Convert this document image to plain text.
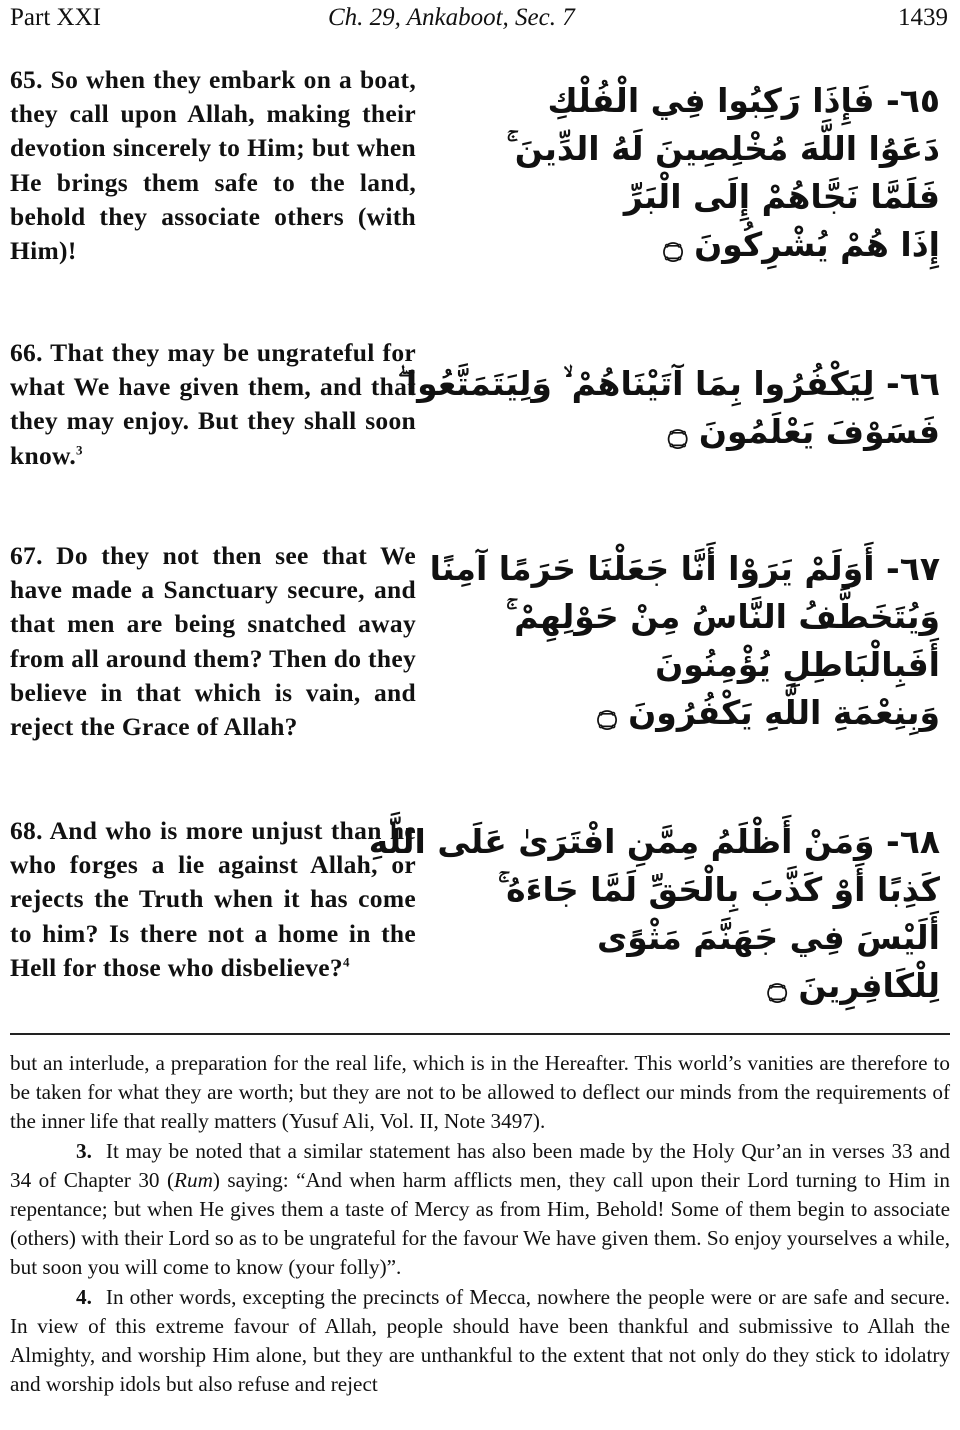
Part XXI	Ch. 29, Ankaboot, Sec. 7	1439
65. So when they embark on a boat, they call upon Allah, making their devotion sincerely to Him; but when He brings them safe to the land, behold they associate others (with Him)!
٦٥- فَإِذَا رَكِبُوا فِي الْفُلْكِ
دَعَوُا اللَّهَ مُخْلِصِينَ لَهُ الدِّينَ ۚ
فَلَمَّا نَجَّاهُمْ إِلَى الْبَرِّ
إِذَا هُمْ يُشْرِكُونَ ۝
66. That they may be ungrateful for what We have given them, and that they may enjoy. But they shall soon know.$^3$
٦٦- لِيَكْفُرُوا بِمَا آتَيْنَاهُمْ ۙ وَلِيَتَمَتَّعُوا ۖ
فَسَوْفَ يَعْلَمُونَ ۝
67. Do they not then see that We have made a Sanctuary secure, and that men are being snatched away from all around them? Then do they believe in that which is vain, and reject the Grace of Allah?
٦٧- أَوَلَمْ يَرَوْا أَنَّا جَعَلْنَا حَرَمًا آمِنًا
وَيُتَخَطَّفُ النَّاسُ مِنْ حَوْلِهِمْ ۚ
أَفَبِالْبَاطِلِ يُؤْمِنُونَ
وَبِنِعْمَةِ اللَّهِ يَكْفُرُونَ ۝
68. And who is more unjust than he who forges a lie against Allah, or rejects the Truth when it has come to him? Is there not a home in the Hell for those who disbelieve?$^4$
٦٨- وَمَنْ أَظْلَمُ مِمَّنِ افْتَرَىٰ عَلَى اللَّهِ
كَذِبًا أَوْ كَذَّبَ بِالْحَقِّ لَمَّا جَاءَهُ ۚ
أَلَيْسَ فِي جَهَنَّمَ مَثْوًى
لِلْكَافِرِينَ ۝

but an interlude, a preparation for the real life, which is in the Hereafter. This world’s vanities are therefore to be taken for what they are worth; but they are not to be allowed to deflect our minds from the requirements of the inner life that really matters (Yusuf Ali, Vol. II, Note 3497).

3. It may be noted that a similar statement has also been made by the Holy Qur’an in verses 33 and 34 of Chapter 30 (Rum) saying: “And when harm afflicts men, they call upon their Lord turning to Him in repentance; but when He gives them a taste of Mercy as from Him, Behold! Some of them begin to associate (others) with their Lord so as to be ungrateful for the favour We have given them. So enjoy yourselves a while, but soon you will come to know (your folly)”.

4. In other words, excepting the precincts of Mecca, nowhere the people were or are safe and secure. In view of this extreme favour of Allah, people should have been thankful and submissive to Allah the Almighty, and worship Him alone, but they are unthankful to the extent that not only do they stick to idolatry and worship idols but also refuse and reject
